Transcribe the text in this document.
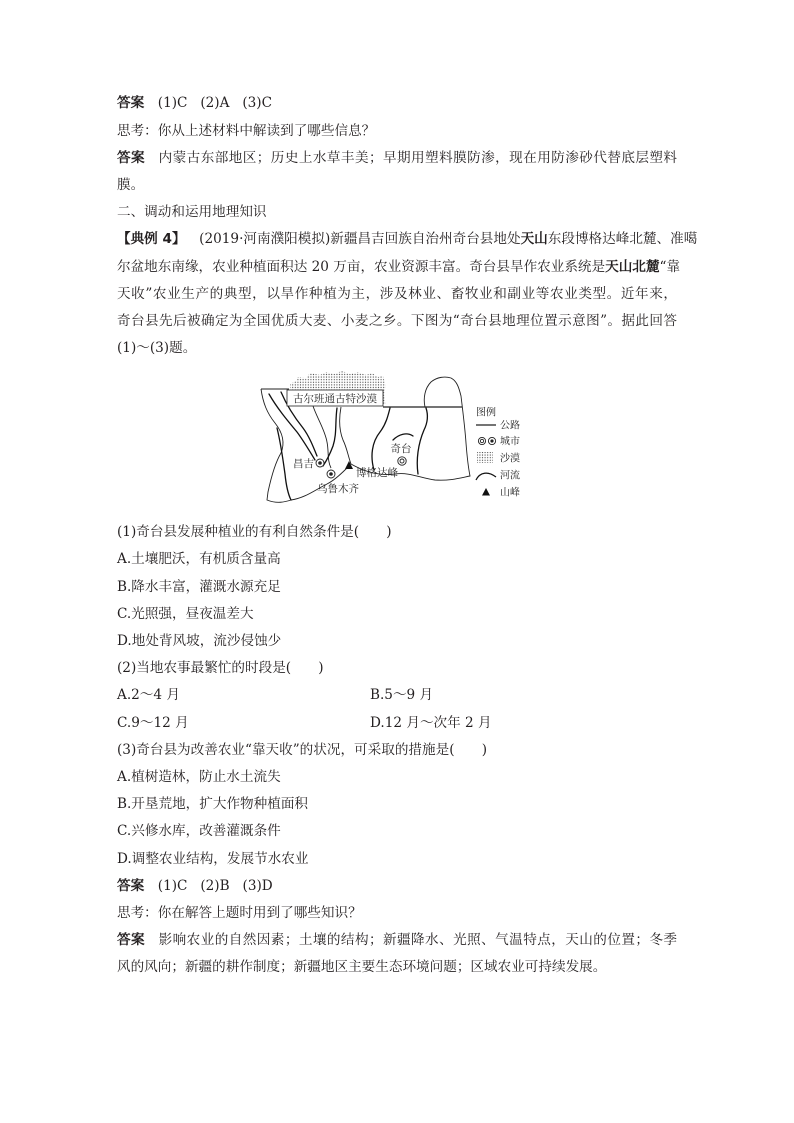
答案 (1)C (2)A (3)C
思考：你从上述材料中解读到了哪些信息？
答案 内蒙古东部地区；历史上水草丰美；早期用塑料膜防渗，现在用防渗砂代替底层塑料
膜。
二、调动和运用地理知识
【典例 4】 (2019·河南濮阳模拟)新疆昌吉回族自治州奇台县地处天山东段博格达峰北麓、准噶
尔盆地东南缘，农业种植面积达 20 万亩，农业资源丰富。奇台县旱作农业系统是天山北麓“靠
天收”农业生产的典型，以旱作种植为主，涉及林业、畜牧业和副业等农业类型。近年来，
奇台县先后被确定为全国优质大麦、小麦之乡。下图为“奇台县地理位置示意图”。据此回答
(1)～(3)题。
古尔班通古特沙漠
昌吉
乌鲁木齐
奇台
博格达峰
图例
公路
城市
沙漠
河流
山峰
(1)奇台县发展种植业的有利自然条件是(　　)
A.土壤肥沃，有机质含量高
B.降水丰富，灌溉水源充足
C.光照强，昼夜温差大
D.地处背风坡，流沙侵蚀少
(2)当地农事最繁忙的时段是(　　)
A.2～4 月	B.5～9 月
C.9～12 月	D.12 月～次年 2 月
(3)奇台县为改善农业“靠天收”的状况，可采取的措施是(　　)
A.植树造林，防止水土流失
B.开垦荒地，扩大作物种植面积
C.兴修水库，改善灌溉条件
D.调整农业结构，发展节水农业
答案 (1)C (2)B (3)D
思考：你在解答上题时用到了哪些知识？
答案 影响农业的自然因素；土壤的结构；新疆降水、光照、气温特点，天山的位置；冬季
风的风向；新疆的耕作制度；新疆地区主要生态环境问题；区域农业可持续发展。
